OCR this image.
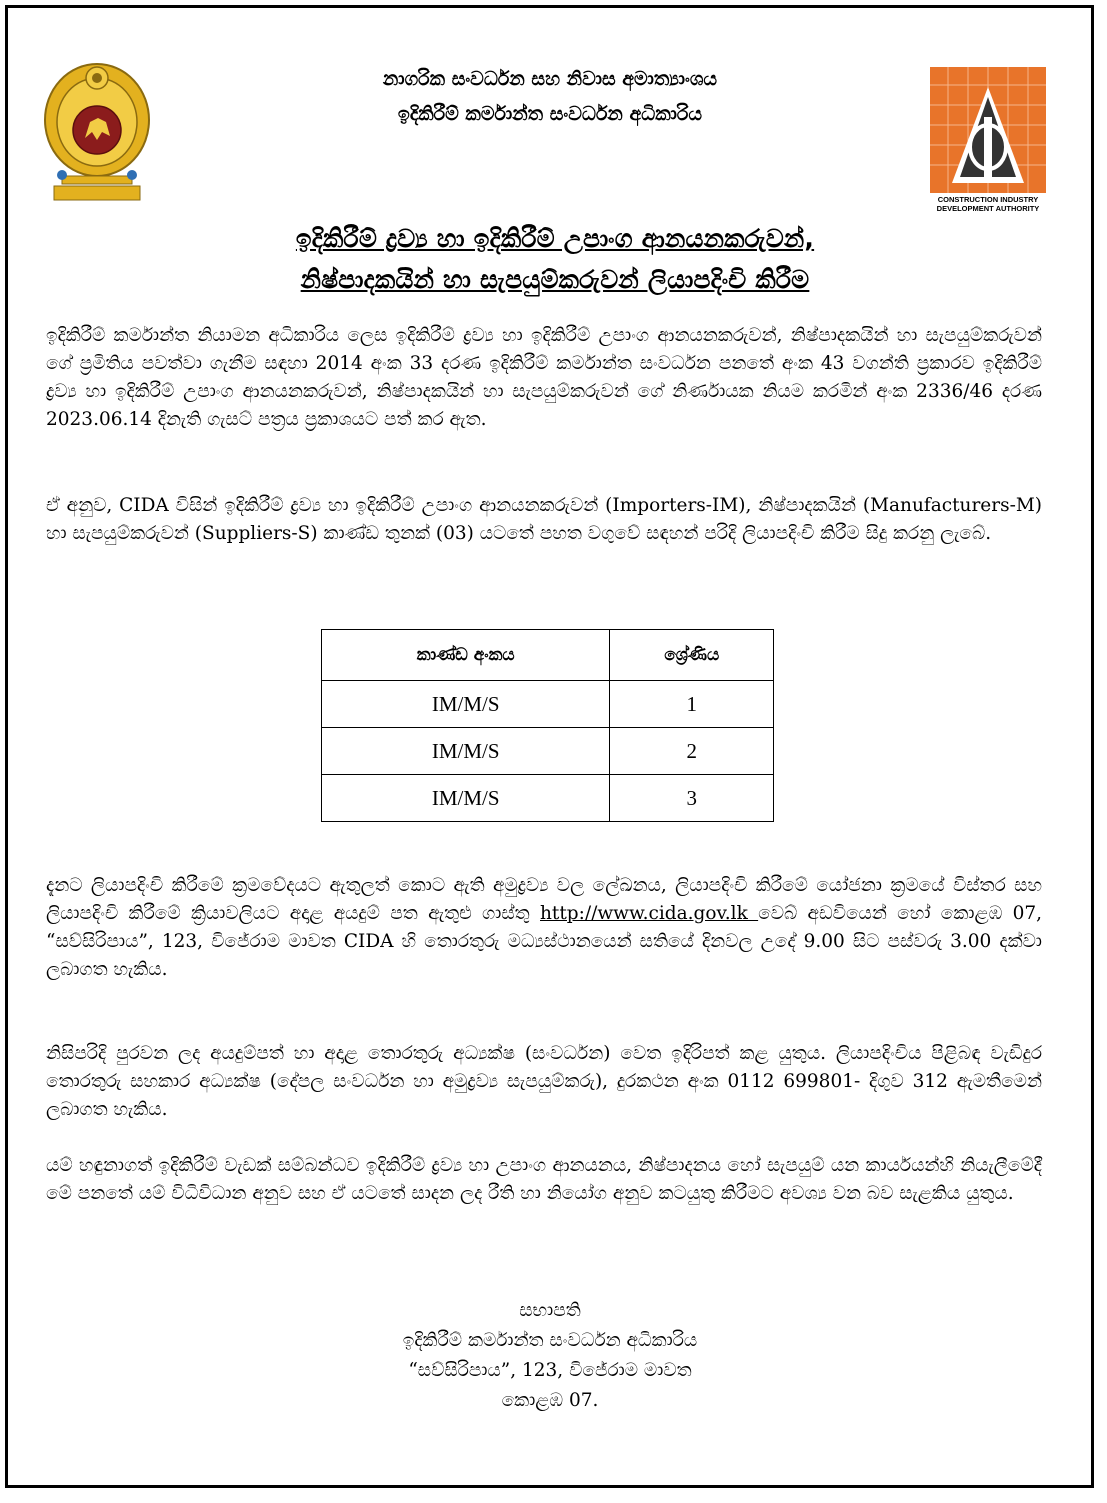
CONSTRUCTION INDUSTRY
DEVELOPMENT AUTHORITY
නාගරික සංවර්ධන සහ නිවාස අමාත්‍යාංශය
ඉදිකිරීම් කර්මාන්ත සංවර්ධන අධිකාරිය
ඉදිකිරීම් ද්‍රව්‍ය හා ඉදිකිරීම් උපාංග ආනයනකරුවන්,
නිෂ්පාදකයින් හා සැපයුම්කරුවන් ලියාපදිංචි කිරීම
ඉදිකිරීම් කර්මාන්ත නියාමන අධිකාරිය ලෙස ඉදිකිරීම් ද්‍රව්‍ය හා ඉදිකිරීම් උපාංග ආනයනකරුවන්, නිෂ්පාදකයින් හා සැපයුම්කරුවන් ගේ ප්‍රමිතිය පවත්වා ගැනීම සඳහා 2014 අංක 33 දරණ ඉදිකිරීම් කර්මාන්ත සංවර්ධන පනතේ අංක 43 වගන්ති ප්‍රකාරව ඉදිකිරීම් ද්‍රව්‍ය හා ඉදිකිරීම් උපාංග ආනයනකරුවන්, නිෂ්පාදකයින් හා සැපයුම්කරුවන් ගේ නිර්ණායක නියම කරමින් අංක 2336/46 දරණ 2023.06.14 දිනැති ගැසට් පත්‍රය ප්‍රකාශයට පත් කර ඇත.
ඒ අනුව, CIDA විසින් ඉදිකිරීම් ද්‍රව්‍ය හා ඉදිකිරීම් උපාංග ආනයනකරුවන් (Importers-IM), නිෂ්පාදකයින් (Manufacturers-M) හා සැපයුම්කරුවන් (Suppliers-S) කාණ්ඩ තුනක් (03) යටතේ පහත වගුවේ සඳහන් පරිදි ලියාපදිංචි කිරීම සිදු කරනු ලැබේ.
කාණ්ඩ අංකය	ශ්‍රේණිය
IM/M/S	1
IM/M/S	2
IM/M/S	3
දැනට ලියාපදිංචි කිරීමේ ක්‍රමවේදයට ඇතුලත් කොට ඇති අමුද්‍රව්‍ය වල ලේඛනය, ලියාපදිංචි කිරීමේ යෝජනා ක්‍රමයේ විස්තර සහ ලියාපදිංචි කිරීමේ ක්‍රියාවලියට අදාළ අයදුම් පත ඇතුළු ගාස්තු http://www.cida.gov.lk වෙබ් අඩවියෙන් හෝ කොළඹ 07, “සව්සිරිපාය”, 123, විජේරාම මාවත CIDA හි තොරතුරු මධ්‍යස්ථානයෙන් සතියේ දිනවල උදේ 9.00 සිට පස්වරු 3.00 දක්වා ලබාගත හැකිය.
නිසිපරිදි පුරවන ලද අයදුම්පත් හා අදාළ තොරතුරු අධ්‍යක්ෂ (සංවර්ධන) වෙත ඉදිරිපත් කළ යුතුය. ලියාපදිංචිය පිළිබඳ වැඩිදුර තොරතුරු සහකාර අධ්‍යක්ෂ (දේපල සංවර්ධන හා අමුද්‍රව්‍ය සැපයුම්කරු), දුරකථන අංක 0112 699801- දිගුව 312 ඇමතීමෙන් ලබාගත හැකිය.
යම් හඳුනාගත් ඉදිකිරීම් වැඩක් සම්බන්ධව ඉදිකිරීම් ද්‍රව්‍ය හා උපාංග ආනයනය, නිෂ්පාදනය හෝ සැපයුම් යන කාර්යයන්හි නියැලීමේදී මේ පනතේ යම් විධිවිධාන අනුව සහ ඒ යටතේ සාදන ලද රීති හා නියෝග අනුව කටයුතු කිරීමට අවශ්‍ය වන බව සැළකිය යුතුය.
සභාපති
ඉදිකිරීම් කර්මාන්ත සංවර්ධන අධිකාරිය
“සව්සිරිපාය”, 123, විජේරාම මාවත
කොළඹ 07.
